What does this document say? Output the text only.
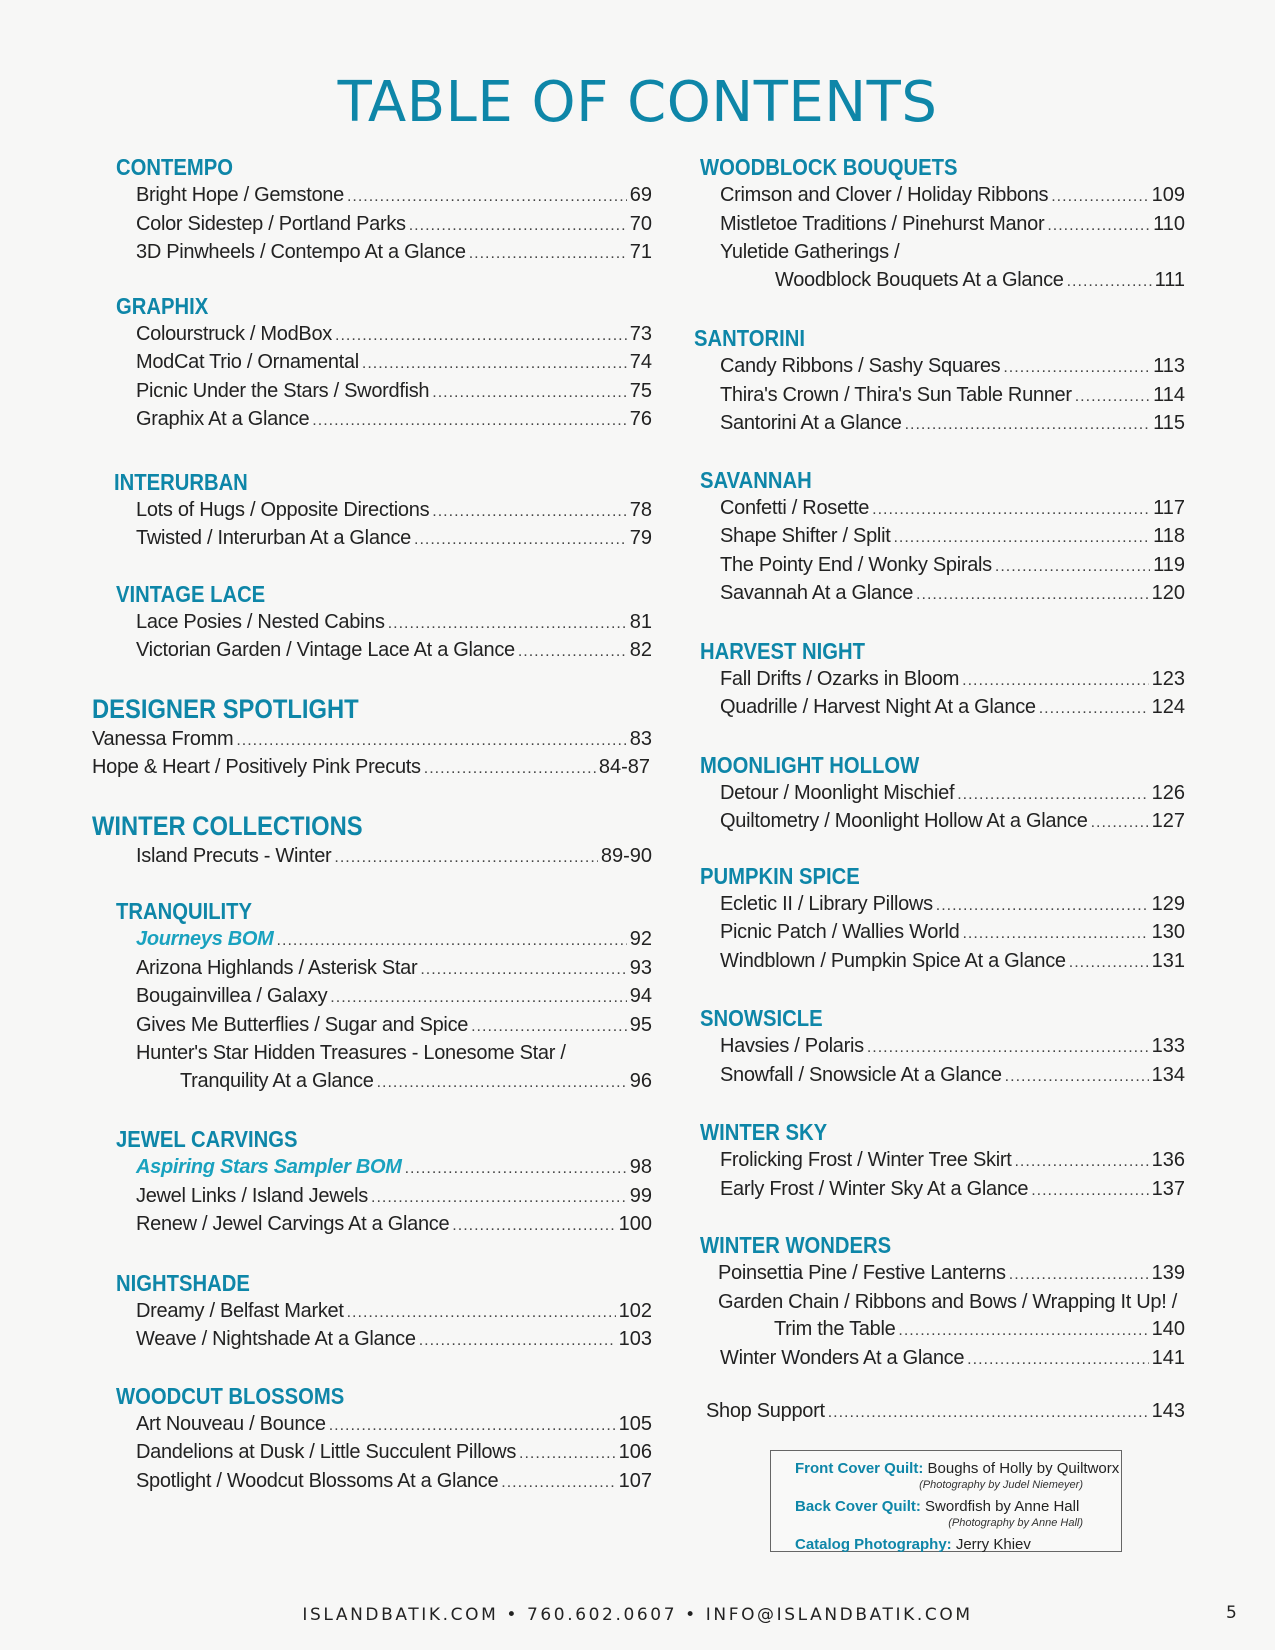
TABLE OF CONTENTS
CONTEMPO
Bright Hope / Gemstone .....	69
Color Sidestep / Portland Parks .....	70
3D Pinwheels / Contempo At a Glance .....	71
GRAPHIX
Colourstruck / ModBox .....	73
ModCat Trio / Ornamental .....	74
Picnic Under the Stars / Swordfish .....	75
Graphix At a Glance .....	76
INTERURBAN
Lots of Hugs / Opposite Directions .....	78
Twisted / Interurban At a Glance .....	79
VINTAGE LACE
Lace Posies / Nested Cabins .....	81
Victorian Garden / Vintage Lace At a Glance .....	82
DESIGNER SPOTLIGHT
Vanessa Fromm .....	83
Hope & Heart / Positively Pink Precuts .....	84-87
WINTER COLLECTIONS
Island Precuts - Winter .....	89-90
TRANQUILITY
Journeys BOM .....	92
Arizona Highlands / Asterisk Star .....	93
Bougainvillea / Galaxy .....	94
Gives Me Butterflies / Sugar and Spice .....	95
Hunter's Star Hidden Treasures - Lonesome Star /
Tranquility At a Glance .....	96
JEWEL CARVINGS
Aspiring Stars Sampler BOM .....	98
Jewel Links / Island Jewels .....	99
Renew / Jewel Carvings At a Glance .....	100
NIGHTSHADE
Dreamy / Belfast Market .....	102
Weave / Nightshade At a Glance .....	103
WOODCUT BLOSSOMS
Art Nouveau / Bounce .....	105
Dandelions at Dusk / Little Succulent Pillows .....	106
Spotlight / Woodcut Blossoms At a Glance .....	107
WOODBLOCK BOUQUETS
Crimson and Clover / Holiday Ribbons .....	109
Mistletoe Traditions / Pinehurst Manor .....	110
Yuletide Gatherings /
Woodblock Bouquets At a Glance .....	111
SANTORINI
Candy Ribbons / Sashy Squares .....	113
Thira's Crown / Thira's Sun Table Runner .....	114
Santorini At a Glance .....	115
SAVANNAH
Confetti / Rosette .....	117
Shape Shifter / Split .....	118
The Pointy End / Wonky Spirals .....	119
Savannah At a Glance .....	120
HARVEST NIGHT
Fall Drifts / Ozarks in Bloom .....	123
Quadrille / Harvest Night At a Glance .....	124
MOONLIGHT HOLLOW
Detour / Moonlight Mischief .....	126
Quiltometry / Moonlight Hollow At a Glance .....	127
PUMPKIN SPICE
Ecletic II / Library Pillows .....	129
Picnic Patch / Wallies World .....	130
Windblown / Pumpkin Spice At a Glance .....	131
SNOWSICLE
Havsies / Polaris .....	133
Snowfall / Snowsicle At a Glance .....	134
WINTER SKY
Frolicking Frost / Winter Tree Skirt .....	136
Early Frost / Winter Sky At a Glance .....	137
WINTER WONDERS
Poinsettia Pine / Festive Lanterns .....	139
Garden Chain / Ribbons and Bows / Wrapping It Up! /
Trim the Table .....	140
Winter Wonders At a Glance .....	141
Shop Support .....	143
Front Cover Quilt: Boughs of Holly by Quiltworx
(Photography by Judel Niemeyer)
Back Cover Quilt: Swordfish by Anne Hall
(Photography by Anne Hall)
Catalog Photography: Jerry Khiev
ISLANDBATIK.COM • 760.602.0607 • INFO@ISLANDBATIK.COM	5
